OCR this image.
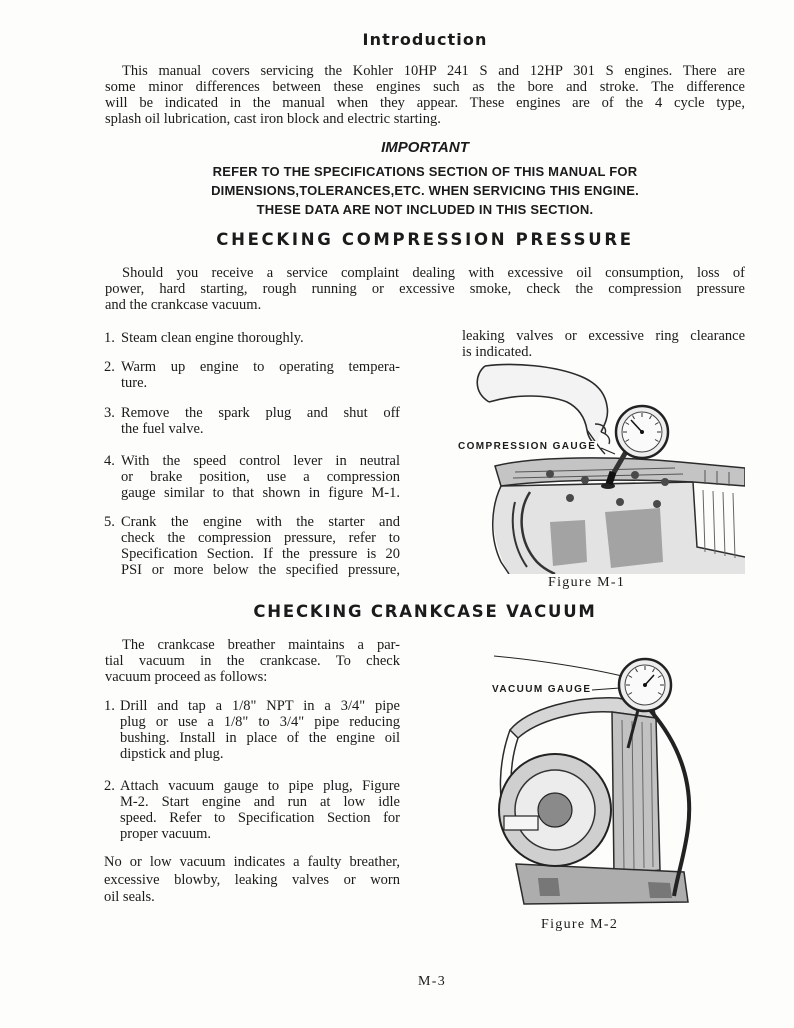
Introduction
This manual covers servicing the Kohler 10HP 241 S and 12HP 301 S engines. There are
some minor differences between these engines such as the bore and stroke. The difference
will be indicated in the manual when they appear. These engines are of the 4 cycle type,
splash oil lubrication, cast iron block and electric starting.
IMPORTANT
REFER TO THE SPECIFICATIONS SECTION OF THIS MANUAL FOR
DIMENSIONS,TOLERANCES,ETC. WHEN SERVICING THIS ENGINE.
THESE DATA ARE NOT INCLUDED IN THIS SECTION.
CHECKING COMPRESSION PRESSURE
Should you receive a service complaint dealing with excessive oil consumption, loss of
power, hard starting, rough running or excessive smoke, check the compression pressure
and the crankcase vacuum.
1. Steam clean engine thoroughly.
2. Warm up engine to operating tempera-
ture.
3. Remove the spark plug and shut off
the fuel valve.
4. With the speed control lever in neutral
or brake position, use a compression
gauge similar to that shown in figure M-1.
5. Crank the engine with the starter and
check the compression pressure, refer to
Specification Section. If the pressure is 20
PSI or more below the specified pressure,
leaking valves or excessive ring clearance
is indicated.
COMPRESSION GAUGE
Figure M-1
CHECKING CRANKCASE VACUUM
The crankcase breather maintains a par-
tial vacuum in the crankcase. To check
vacuum proceed as follows:
1. Drill and tap a 1/8" NPT in a 3/4" pipe
plug or use a 1/8" to 3/4" pipe reducing
bushing. Install in place of the engine oil
dipstick and plug.
2. Attach vacuum gauge to pipe plug, Figure
M-2. Start engine and run at low idle
speed. Refer to Specification Section for
proper vacuum.
No or low vacuum indicates a faulty breather,
excessive blowby, leaking valves or worn
oil seals.
VACUUM GAUGE
Figure M-2
M-3
